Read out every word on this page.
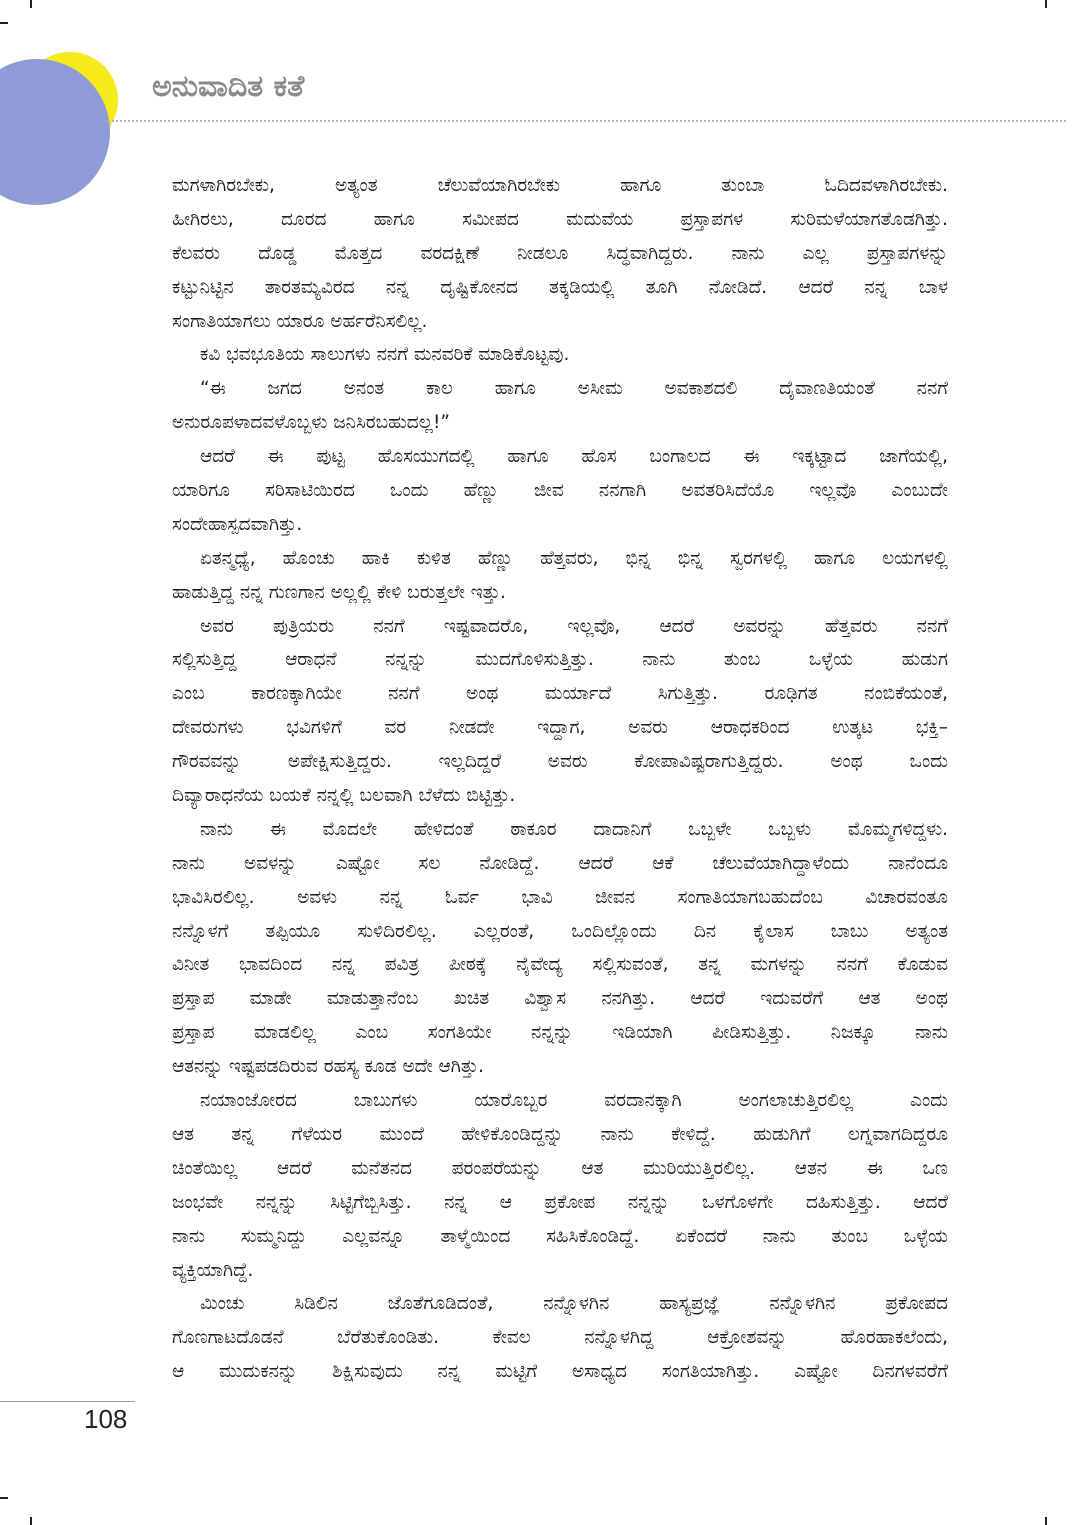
ಅನುವಾದಿತ ಕತೆ
ಮಗಳಾಗಿರಬೇಕು, ಅತ್ಯಂತ ಚೆಲುವೆಯಾಗಿರಬೇಕು ಹಾಗೂ ತುಂಬಾ ಓದಿದವಳಾಗಿರಬೇಕು.
ಹೀಗಿರಲು, ದೂರದ ಹಾಗೂ ಸಮೀಪದ ಮದುವೆಯ ಪ್ರಸ್ತಾಪಗಳ ಸುರಿಮಳೆಯಾಗತೊಡಗಿತ್ತು.
ಕೆಲವರು ದೊಡ್ಡ ಮೊತ್ತದ ವರದಕ್ಷಿಣೆ ನೀಡಲೂ ಸಿದ್ಧವಾಗಿದ್ದರು. ನಾನು ಎಲ್ಲ ಪ್ರಸ್ತಾಪಗಳನ್ನು
ಕಟ್ಟುನಿಟ್ಟಿನ ತಾರತಮ್ಯವಿರದ ನನ್ನ ದೃಷ್ಟಿಕೋನದ ತಕ್ಕಡಿಯಲ್ಲಿ ತೂಗಿ ನೋಡಿದೆ. ಆದರೆ ನನ್ನ ಬಾಳ
ಸಂಗಾತಿಯಾಗಲು ಯಾರೂ ಅರ್ಹರೆನಿಸಲಿಲ್ಲ.
ಕವಿ ಭವಭೂತಿಯ ಸಾಲುಗಳು ನನಗೆ ಮನವರಿಕೆ ಮಾಡಿಕೊಟ್ಟವು.
“ಈ ಜಗದ ಅನಂತ ಕಾಲ ಹಾಗೂ ಅಸೀಮ ಅವಕಾಶದಲಿ ದೈವಾಣತಿಯಂತೆ ನನಗೆ
ಅನುರೂಪಳಾದವಳೊಬ್ಬಳು ಜನಿಸಿರಬಹುದಲ್ಲ!”
ಆದರೆ ಈ ಪುಟ್ಟ ಹೊಸಯುಗದಲ್ಲಿ ಹಾಗೂ ಹೊಸ ಬಂಗಾಲದ ಈ ಇಕ್ಕಟ್ಟಾದ ಜಾಗೆಯಲ್ಲಿ,
ಯಾರಿಗೂ ಸರಿಸಾಟಿಯಿರದ ಒಂದು ಹೆಣ್ಣು ಜೀವ ನನಗಾಗಿ ಅವತರಿಸಿದೆಯೊ ಇಲ್ಲವೊ ಎಂಬುದೇ
ಸಂದೇಹಾಸ್ಪದವಾಗಿತ್ತು.
ಏತನ್ಮಧ್ಯೆ, ಹೊಂಚು ಹಾಕಿ ಕುಳಿತ ಹೆಣ್ಣು ಹೆತ್ತವರು, ಭಿನ್ನ ಭಿನ್ನ ಸ್ವರಗಳಲ್ಲಿ ಹಾಗೂ ಲಯಗಳಲ್ಲಿ
ಹಾಡುತ್ತಿದ್ದ ನನ್ನ ಗುಣಗಾನ ಅಲ್ಲಲ್ಲಿ ಕೇಳಿ ಬರುತ್ತಲೇ ಇತ್ತು.
ಅವರ ಪುತ್ರಿಯರು ನನಗೆ ಇಷ್ಟವಾದರೊ, ಇಲ್ಲವೊ, ಆದರೆ ಅವರನ್ನು ಹೆತ್ತವರು ನನಗೆ
ಸಲ್ಲಿಸುತ್ತಿದ್ದ ಆರಾಧನೆ ನನ್ನನ್ನು ಮುದಗೊಳಿಸುತ್ತಿತ್ತು. ನಾನು ತುಂಬ ಒಳ್ಳೆಯ ಹುಡುಗ
ಎಂಬ ಕಾರಣಕ್ಕಾಗಿಯೇ ನನಗೆ ಅಂಥ ಮರ್ಯಾದೆ ಸಿಗುತ್ತಿತ್ತು. ರೂಢಿಗತ ನಂಬಿಕೆಯಂತೆ,
ದೇವರುಗಳು ಭವಿಗಳಿಗೆ ವರ ನೀಡದೇ ಇದ್ದಾಗ, ಅವರು ಆರಾಧಕರಿಂದ ಉತ್ಕಟ ಭಕ್ತಿ–
ಗೌರವವನ್ನು ಅಪೇಕ್ಷಿಸುತ್ತಿದ್ದರು. ಇಲ್ಲದಿದ್ದರೆ ಅವರು ಕೋಪಾವಿಷ್ಟರಾಗುತ್ತಿದ್ದರು. ಅಂಥ ಒಂದು
ದಿವ್ಯಾರಾಧನೆಯ ಬಯಕೆ ನನ್ನಲ್ಲಿ ಬಲವಾಗಿ ಬೆಳೆದು ಬಿಟ್ಟಿತ್ತು.
ನಾನು ಈ ಮೊದಲೇ ಹೇಳಿದಂತೆ ಠಾಕೂರ ದಾದಾನಿಗೆ ಒಬ್ಬಳೇ ಒಬ್ಬಳು ಮೊಮ್ಮಗಳಿದ್ದಳು.
ನಾನು ಅವಳನ್ನು ಎಷ್ಟೋ ಸಲ ನೋಡಿದ್ದೆ. ಆದರೆ ಆಕೆ ಚೆಲುವೆಯಾಗಿದ್ದಾಳೆಂದು ನಾನೆಂದೂ
ಭಾವಿಸಿರಲಿಲ್ಲ. ಅವಳು ನನ್ನ ಓರ್ವ ಭಾವಿ ಜೀವನ ಸಂಗಾತಿಯಾಗಬಹುದೆಂಬ ವಿಚಾರವಂತೂ
ನನ್ನೊಳಗೆ ತಪ್ಪಿಯೂ ಸುಳಿದಿರಲಿಲ್ಲ. ಎಲ್ಲರಂತೆ, ಒಂದಿಲ್ಲೊಂದು ದಿನ ಕೈಲಾಸ ಬಾಬು ಅತ್ಯಂತ
ವಿನೀತ ಭಾವದಿಂದ ನನ್ನ ಪವಿತ್ರ ಪೀಠಕ್ಕೆ ನೈವೇದ್ಯ ಸಲ್ಲಿಸುವಂತೆ, ತನ್ನ ಮಗಳನ್ನು ನನಗೆ ಕೊಡುವ
ಪ್ರಸ್ತಾಪ ಮಾಡೇ ಮಾಡುತ್ತಾನೆಂಬ ಖಚಿತ ವಿಶ್ವಾಸ ನನಗಿತ್ತು. ಆದರೆ ಇದುವರೆಗೆ ಆತ ಅಂಥ
ಪ್ರಸ್ತಾಪ ಮಾಡಲಿಲ್ಲ ಎಂಬ ಸಂಗತಿಯೇ ನನ್ನನ್ನು ಇಡಿಯಾಗಿ ಪೀಡಿಸುತ್ತಿತ್ತು. ನಿಜಕ್ಕೂ ನಾನು
ಆತನನ್ನು ಇಷ್ಟಪಡದಿರುವ ರಹಸ್ಯ ಕೂಡ ಅದೇ ಆಗಿತ್ತು.
ನಯಾಂಜೋರದ ಬಾಬುಗಳು ಯಾರೊಬ್ಬರ ವರದಾನಕ್ಕಾಗಿ ಅಂಗಲಾಚುತ್ತಿರಲಿಲ್ಲ ಎಂದು
ಆತ ತನ್ನ ಗೆಳೆಯರ ಮುಂದೆ ಹೇಳಿಕೊಂಡಿದ್ದನ್ನು ನಾನು ಕೇಳಿದ್ದೆ. ಹುಡುಗಿಗೆ ಲಗ್ನವಾಗದಿದ್ದರೂ
ಚಿಂತೆಯಿಲ್ಲ ಆದರೆ ಮನೆತನದ ಪರಂಪರೆಯನ್ನು ಆತ ಮುರಿಯುತ್ತಿರಲಿಲ್ಲ. ಆತನ ಈ ಒಣ
ಜಂಭವೇ ನನ್ನನ್ನು ಸಿಟ್ಟಿಗೆಬ್ಬಿಸಿತ್ತು. ನನ್ನ ಆ ಪ್ರಕೋಪ ನನ್ನನ್ನು ಒಳಗೊಳಗೇ ದಹಿಸುತ್ತಿತ್ತು. ಆದರೆ
ನಾನು ಸುಮ್ಮನಿದ್ದು ಎಲ್ಲವನ್ನೂ ತಾಳ್ಮೆಯಿಂದ ಸಹಿಸಿಕೊಂಡಿದ್ದೆ. ಏಕೆಂದರೆ ನಾನು ತುಂಬ ಒಳ್ಳೆಯ
ವ್ಯಕ್ತಿಯಾಗಿದ್ದೆ.
ಮಿಂಚು ಸಿಡಿಲಿನ ಜೊತೆಗೂಡಿದಂತೆ, ನನ್ನೊಳಗಿನ ಹಾಸ್ಯಪ್ರಜ್ಞೆ ನನ್ನೊಳಗಿನ ಪ್ರಕೋಪದ
ಗೊಣಗಾಟದೊಡನೆ ಬೆರೆತುಕೊಂಡಿತು. ಕೇವಲ ನನ್ನೊಳಗಿದ್ದ ಆಕ್ರೋಶವನ್ನು ಹೊರಹಾಕಲೆಂದು,
ಆ ಮುದುಕನನ್ನು ಶಿಕ್ಷಿಸುವುದು ನನ್ನ ಮಟ್ಟಿಗೆ ಅಸಾಧ್ಯದ ಸಂಗತಿಯಾಗಿತ್ತು. ಎಷ್ಟೋ ದಿನಗಳವರೆಗೆ
108
